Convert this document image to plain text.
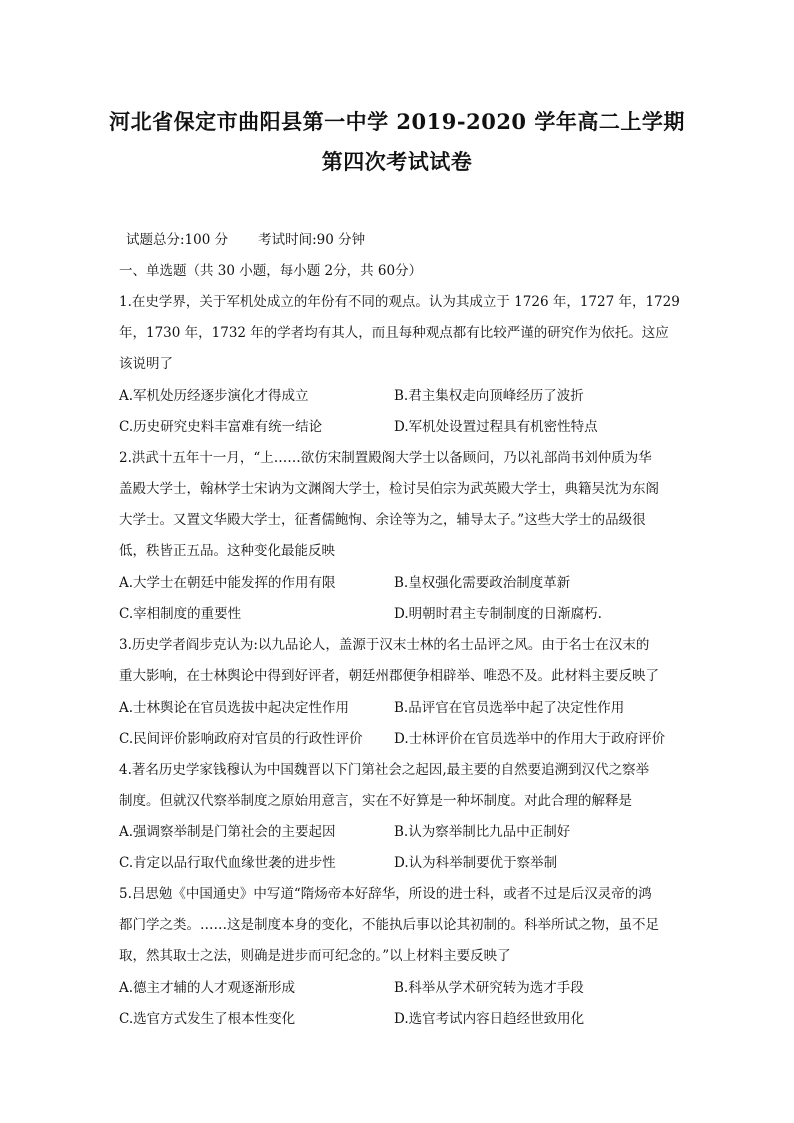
河北省保定市曲阳县第一中学 2019-2020 学年高二上学期
第四次考试试卷
试题总分:100 分 考试时间:90 分钟
一、单选题（共 30 小题，每小题 2分，共 60分）
1.在史学界，关于军机处成立的年份有不同的观点。认为其成立于 1726 年，1727 年，1729
年，1730 年，1732 年的学者均有其人，而且每种观点都有比较严谨的研究作为依托。这应
该说明了
A.军机处历经逐步演化才得成立	B.君主集权走向顶峰经历了波折
C.历史研究史料丰富难有统一结论	D.军机处设置过程具有机密性特点
2.洪武十五年十一月，“上……欲仿宋制置殿阁大学士以备顾问，乃以礼部尚书刘仲质为华
盖殿大学士，翰林学士宋讷为文渊阁大学士，检讨吴伯宗为武英殿大学士，典籍吴沈为东阁
大学士。又置文华殿大学士，征耆儒鲍恂、余诠等为之，辅导太子。”这些大学士的品级很
低，秩皆正五品。这种变化最能反映
A.大学士在朝廷中能发挥的作用有限	B.皇权强化需要政治制度革新
C.宰相制度的重要性	D.明朝时君主专制制度的日渐腐朽.
3.历史学者阎步克认为:以九品论人，盖源于汉末士林的名士品评之风。由于名士在汉末的
重大影响，在士林舆论中得到好评者，朝廷州郡便争相辟举、唯恐不及。此材料主要反映了
A.士林舆论在官员选拔中起决定性作用	B.品评官在官员选举中起了决定性作用
C.民间评价影响政府对官员的行政性评价 D.士林评价在官员选举中的作用大于政府评价
4.著名历史学家钱穆认为中国魏晋以下门第社会之起因,最主要的自然要追溯到汉代之察举
制度。但就汉代察举制度之原始用意言，实在不好算是一种坏制度。对此合理的解释是
A.强调察举制是门第社会的主要起因	B.认为察举制比九品中正制好
C.肯定以品行取代血缘世袭的进步性	D.认为科举制要优于察举制
5.吕思勉《中国通史》中写道“隋炀帝本好辞华，所设的进士科，或者不过是后汉灵帝的鸿
都门学之类。……这是制度本身的变化，不能执后事以论其初制的。科举所试之物，虽不足
取，然其取士之法，则确是进步而可纪念的。”以上材料主要反映了
A.德主才辅的人才观逐渐形成	B.科举从学术研究转为选才手段
C.选官方式发生了根本性变化	D.选官考试内容日趋经世致用化
